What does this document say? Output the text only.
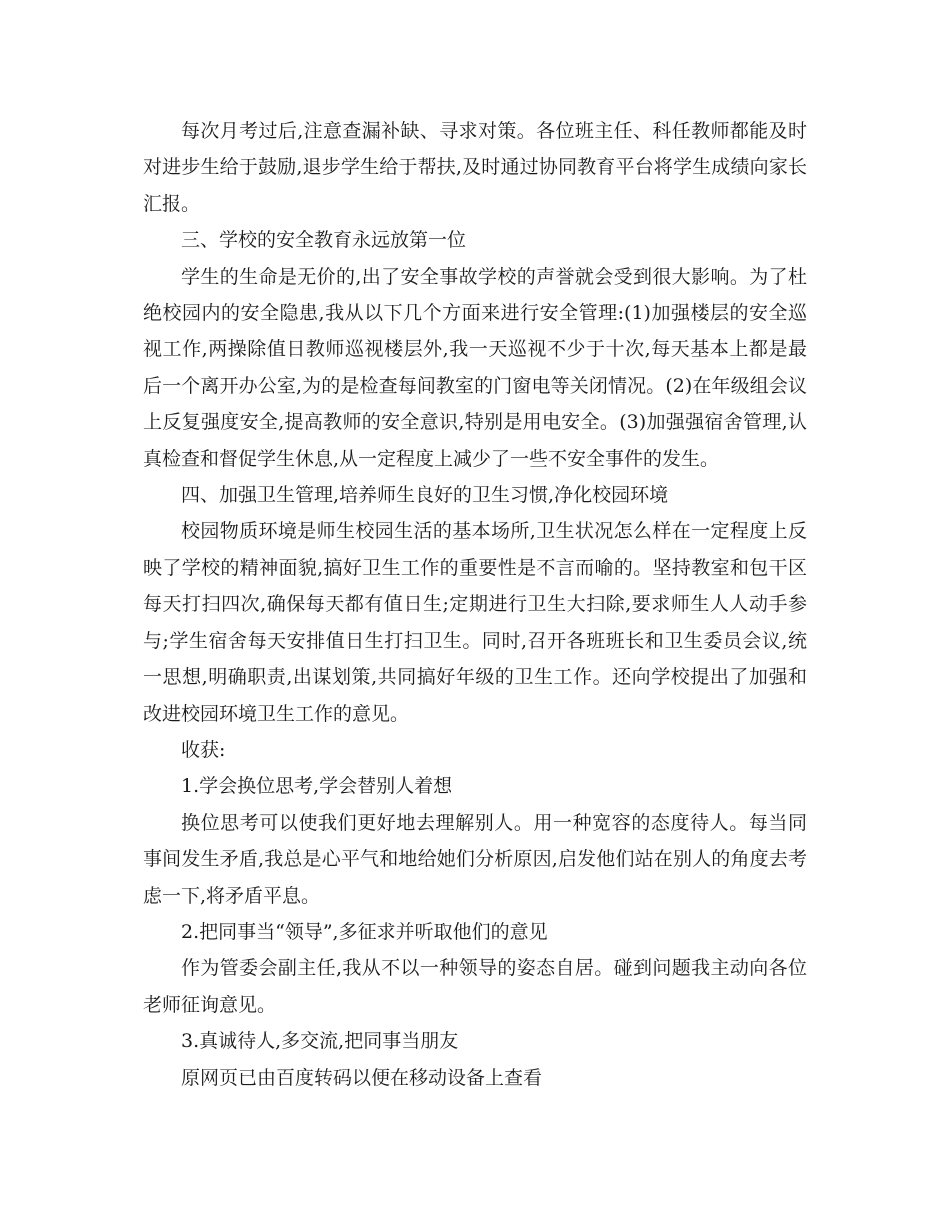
每次月考过后,注意查漏补缺、寻求对策。各位班主任、科任教师都能及时对进步生给于鼓励,退步学生给于帮扶,及时通过协同教育平台将学生成绩向家长汇报。

三、学校的安全教育永远放第一位

学生的生命是无价的,出了安全事故学校的声誉就会受到很大影响。为了杜绝校园内的安全隐患,我从以下几个方面来进行安全管理:(1)加强楼层的安全巡视工作,两操除值日教师巡视楼层外,我一天巡视不少于十次,每天基本上都是最后一个离开办公室,为的是检查每间教室的门窗电等关闭情况。(2)在年级组会议上反复强度安全,提高教师的安全意识,特别是用电安全。(3)加强强宿舍管理,认真检查和督促学生休息,从一定程度上减少了一些不安全事件的发生。

四、加强卫生管理,培养师生良好的卫生习惯,净化校园环境

校园物质环境是师生校园生活的基本场所,卫生状况怎么样在一定程度上反映了学校的精神面貌,搞好卫生工作的重要性是不言而喻的。坚持教室和包干区每天打扫四次,确保每天都有值日生;定期进行卫生大扫除,要求师生人人动手参与;学生宿舍每天安排值日生打扫卫生。同时,召开各班班长和卫生委员会议,统一思想,明确职责,出谋划策,共同搞好年级的卫生工作。还向学校提出了加强和改进校园环境卫生工作的意见。

收获:

1.学会换位思考,学会替别人着想

换位思考可以使我们更好地去理解别人。用一种宽容的态度待人。每当同事间发生矛盾,我总是心平气和地给她们分析原因,启发他们站在别人的角度去考虑一下,将矛盾平息。

2.把同事当“领导”,多征求并听取他们的意见

作为管委会副主任,我从不以一种领导的姿态自居。碰到问题我主动向各位老师征询意见。

3.真诚待人,多交流,把同事当朋友

原网页已由百度转码以便在移动设备上查看
